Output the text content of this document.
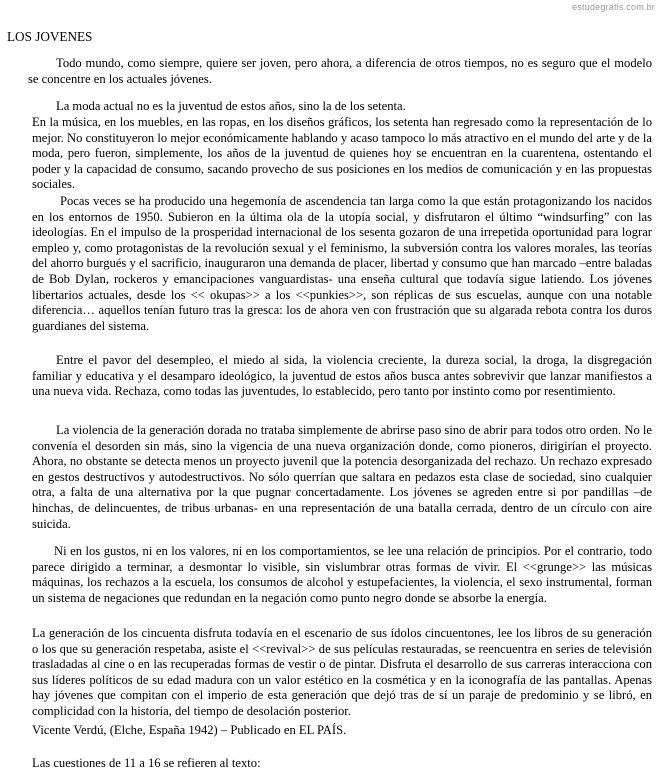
estudegratis.com.br
LOS JOVENES

Todo mundo, como siempre, quiere ser joven, pero ahora, a diferencia de otros tiempos, no es seguro que el modelo se concentre en los actuales jóvenes.

La moda actual no es la juventud de estos años, sino la de los setenta.

En la música, en los muebles, en las ropas, en los diseños gráficos, los setenta han regresado como la representación de lo mejor. No constituyeron lo mejor económicamente hablando y acaso tampoco lo más atractivo en el mundo del arte y de la moda, pero fueron, simplemente, los años de la juventud de quienes hoy se encuentran en la cuarentena, ostentando el poder y la capacidad de consumo, sacando provecho de sus posiciones en los medios de comunicación y en las propuestas sociales.

Pocas veces se ha producido una hegemonía de ascendencia tan larga como la que están protagonizando los nacidos en los entornos de 1950. Subieron en la última ola de la utopía social, y disfrutaron el último “windsurfing” con las ideologías. En el impulso de la prosperidad internacional de los sesenta gozaron de una irrepetida oportunidad para lograr empleo y, como protagonistas de la revolución sexual y el feminismo, la subversión contra los valores morales, las teorías del ahorro burgués y el sacrificio, inauguraron una demanda de placer, libertad y consumo que han marcado –entre baladas de Bob Dylan, rockeros y emancipaciones vanguardistas- una enseña cultural que todavía sigue latiendo. Los jóvenes libertarios actuales, desde los << okupas>> a los <<punkies>>, son réplicas de sus escuelas, aunque con una notable diferencia… aquellos tenían futuro tras la gresca: los de ahora ven con frustración que su algarada rebota contra los duros guardianes del sistema.

Entre el pavor del desempleo, el miedo al sida, la violencia creciente, la dureza social, la droga, la disgregación familiar y educativa y el desamparo ideológico, la juventud de estos años busca antes sobrevivir que lanzar manifiestos a una nueva vida. Rechaza, como todas las juventudes, lo establecido, pero tanto por instinto como por resentimiento.

La violencia de la generación dorada no trataba simplemente de abrirse paso sino de abrir para todos otro orden. No le convenía el desorden sin más, sino la vigencia de una nueva organización donde, como pioneros, dirigirían el proyecto. Ahora, no obstante se detecta menos un proyecto juvenil que la potencia desorganizada del rechazo. Un rechazo expresado en gestos destructivos y autodestructivos. No sólo querrían que saltara en pedazos esta clase de sociedad, sino cualquier otra, a falta de una alternativa por la que pugnar concertadamente. Los jóvenes se agreden entre si por pandillas –de hinchas, de delincuentes, de tribus urbanas- en una representación de una batalla cerrada, dentro de un círculo con aire suicida.

Ni en los gustos, ni en los valores, ni en los comportamientos, se lee una relación de principios. Por el contrario, todo parece dirigido a terminar, a desmontar lo visible, sin vislumbrar otras formas de vivir. El <<grunge>> las músicas máquinas, los rechazos a la escuela, los consumos de alcohol y estupefacientes, la violencia, el sexo instrumental, forman un sistema de negaciones que redundan en la negación como punto negro donde se absorbe la energía.

La generación de los cincuenta disfruta todavía en el escenario de sus ídolos cincuentones, lee los libros de su generación o los que su generación respetaba, asiste el <<revival>> de sus películas restauradas, se reencuentra en series de televisión trasladadas al cine o en las recuperadas formas de vestir o de pintar. Disfruta el desarrollo de sus carreras interacciona con sus líderes políticos de su edad madura con un valor estético en la cosmética y en la iconografía de las pantallas. Apenas hay jóvenes que compitan con el imperio de esta generación que dejó tras de sí un paraje de predominio y se libró, en complicidad con la historia, del tiempo de desolación posterior.

Vicente Verdú, (Elche, España 1942) – Publicado en EL PAÍS.

Las cuestiones de 11 a 16 se refieren al texto:
